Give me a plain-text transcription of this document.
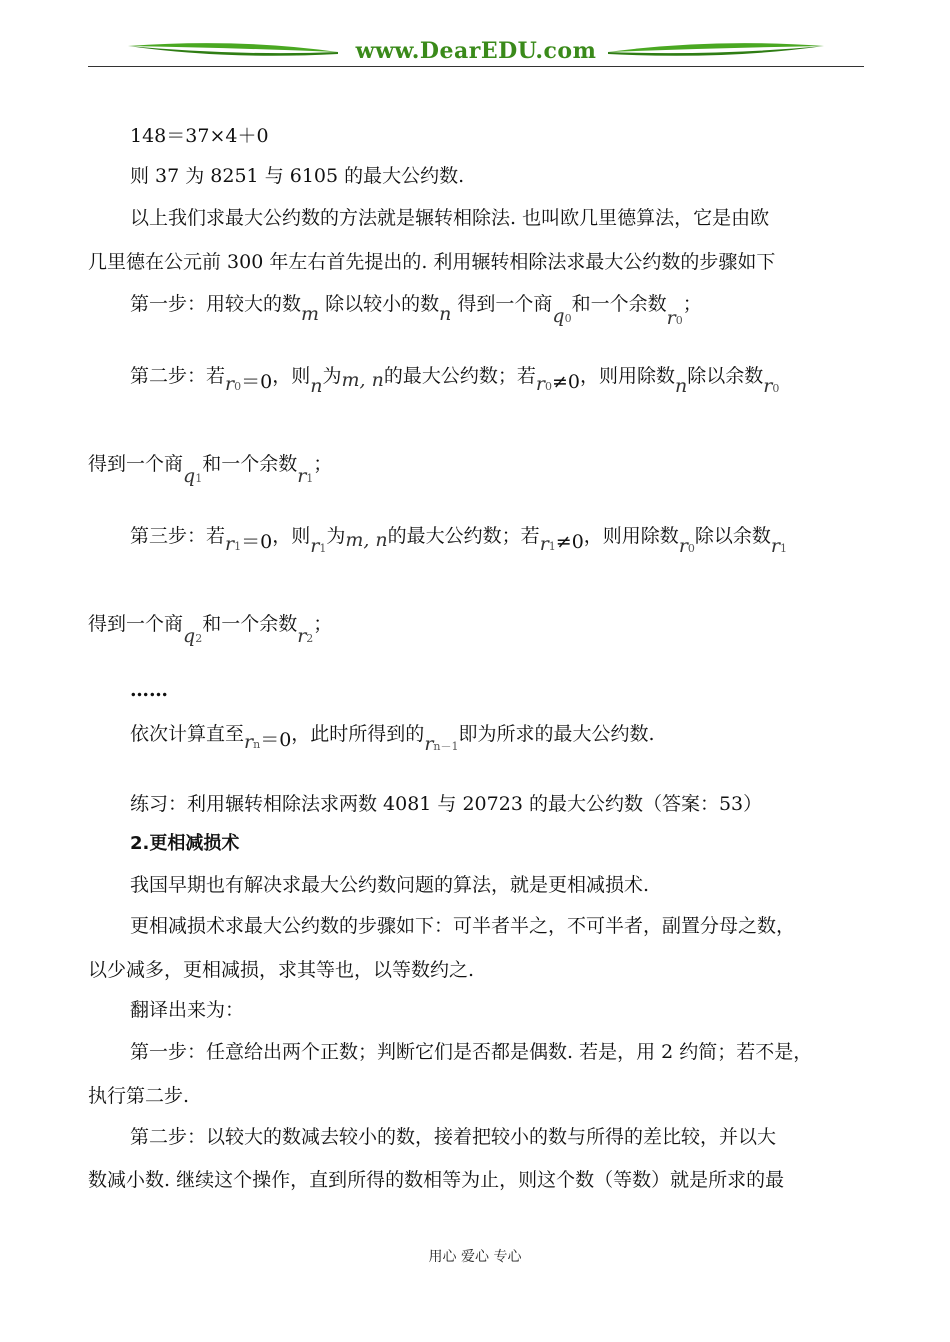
www.DearEDU.com
148＝37×4＋0
则 37 为 8251 与 6105 的最大公约数.
以上我们求最大公约数的方法就是辗转相除法. 也叫欧几里德算法，它是由欧
几里德在公元前 300 年左右首先提出的. 利用辗转相除法求最大公约数的步骤如下
第一步：用较大的数m 除以较小的数n 得到一个商q0和一个余数r0；
第二步：若r0＝0，则n为m, n的最大公约数；若r0≠0，则用除数n除以余数r0
得到一个商q1和一个余数r1；
第三步：若r1＝0，则r1为m, n的最大公约数；若r1≠0，则用除数r0除以余数r1
得到一个商q2和一个余数r2；
……
依次计算直至rn＝0，此时所得到的rn－1即为所求的最大公约数.
练习：利用辗转相除法求两数 4081 与 20723 的最大公约数（答案：53）
2.更相减损术
我国早期也有解决求最大公约数问题的算法，就是更相减损术.
更相减损术求最大公约数的步骤如下：可半者半之，不可半者，副置分母之数，
以少减多，更相减损，求其等也，以等数约之.
翻译出来为：
第一步：任意给出两个正数；判断它们是否都是偶数. 若是，用 2 约简；若不是，
执行第二步.
第二步：以较大的数减去较小的数，接着把较小的数与所得的差比较，并以大
数减小数. 继续这个操作，直到所得的数相等为止，则这个数（等数）就是所求的最
用心 爱心 专心
